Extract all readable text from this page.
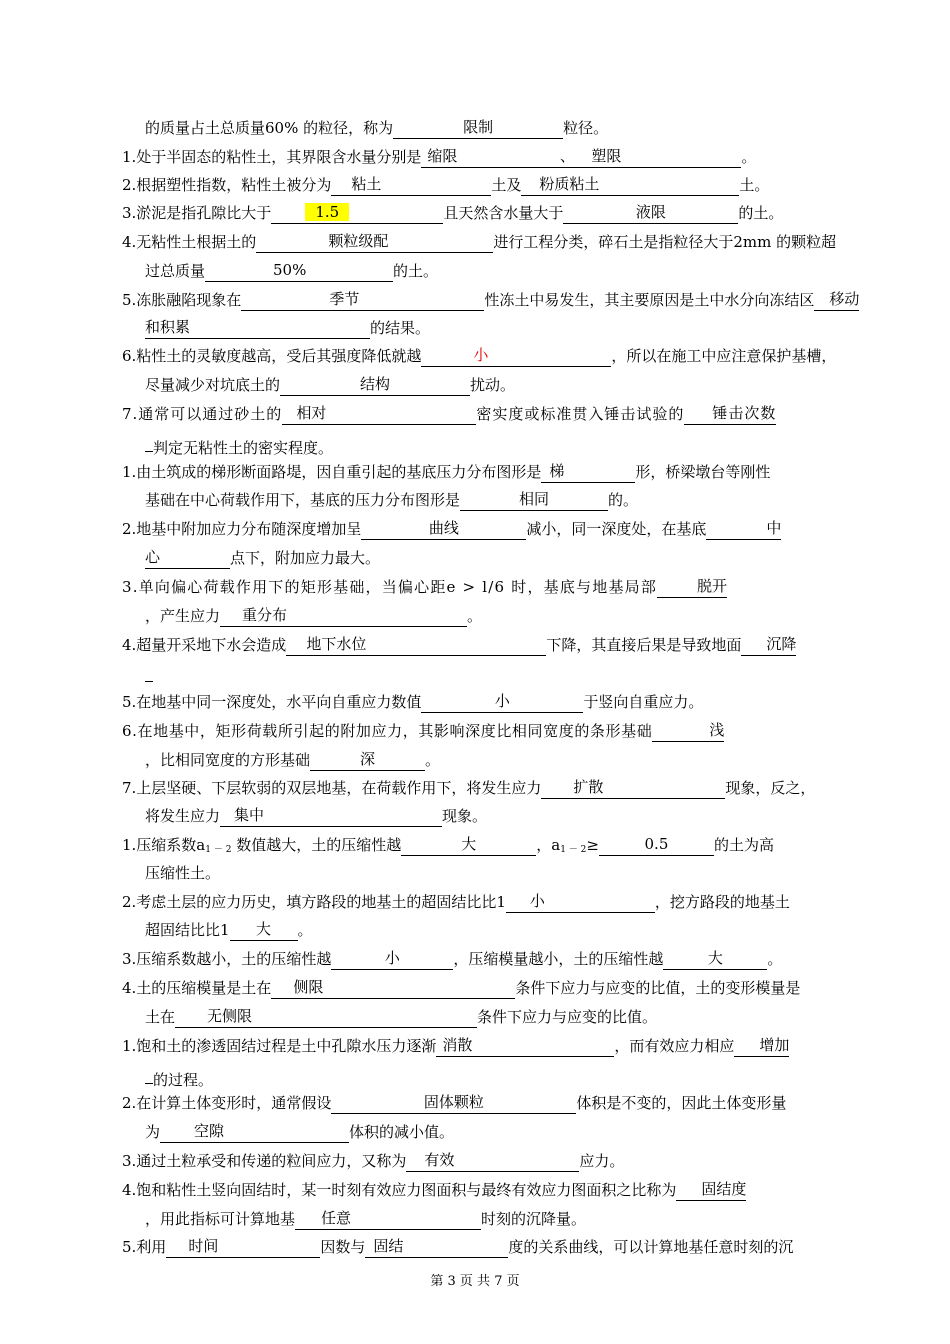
的质量占土总质量60% 的粒径，称为	限制	粒径。
1.处于半固态的粘性土，其界限含水量分别是 缩限	、 塑限	。
2.根据塑性指数，粘性土被分为 粘土	土及 粉质粘土	土。
3.淤泥是指孔隙比大于	1.5	且天然含水量大于	液限	的土。
4.无粘性土根据土的	颗粒级配	进行工程分类，碎石土是指粒径大于2mm 的颗粒超
过总质量	50%	的土。
5.冻胀融陷现象在	季节	性冻土中易发生，其主要原因是土中水分向冻结区 移动
和积累	的结果。
6.粘性土的灵敏度越高，受后其强度降低就越	小	，所以在施工中应注意保护基槽，
尽量减少对坑底土的	结构	扰动。
7.通常可以通过砂土的 相对	密实度或标准贯入锤击试验的 锤击次数
判定无粘性土的密实程度。
1.由土筑成的梯形断面路堤，因自重引起的基底压力分布图形是 梯	形，桥梁墩台等刚性
基础在中心荷载作用下，基底的压力分布图形是	相同	的。
2.地基中附加应力分布随深度增加呈	曲线	减小，同一深度处，在基底	中
心	点下，附加应力最大。
3.单向偏心荷载作用下的矩形基础，当偏心距e > l/6 时，基底与地基局部	脱开
，产生应力 重分布	。
4.超量开采地下水会造成 地下水位	下降，其直接后果是导致地面 沉降
5.在地基中同一深度处，水平向自重应力数值	小	于竖向自重应力。
6.在地基中，矩形荷载所引起的附加应力，其影响深度比相同宽度的条形基础	浅
，比相同宽度的方形基础	深	。
7.上层坚硬、下层软弱的双层地基，在荷载作用下，将发生应力 扩散	现象，反之，
将发生应力 集中	现象。
1.压缩系数$a_{1 - 2}$ 数值越大，土的压缩性越	大	，$a_{1 - 2}\ge$	0.5	的土为高
压缩性土。
2.考虑土层的应力历史，填方路段的地基土的超固结比比1 小	，挖方路段的地基土
超固结比比1 大 。
3.压缩系数越小，土的压缩性越	小	，压缩模量越小，土的压缩性越	大	。
4.土的压缩模量是土在 侧限	条件下应力与应变的比值，土的变形模量是
土在 无侧限	条件下应力与应变的比值。
1.饱和土的渗透固结过程是土中孔隙水压力逐渐 消散	，而有效应力相应 增加
的过程。
2.在计算土体变形时，通常假设	固体颗粒	体积是不变的，因此土体变形量
为 空隙	体积的减小值。
3.通过土粒承受和传递的粒间应力，又称为 有效	应力。
4.饱和粘性土竖向固结时，某一时刻有效应力图面积与最终有效应力图面积之比称为 固结度
，用此指标可计算地基 任意	时刻的沉降量。
5.利用 时间	因数与 固结	度的关系曲线，可以计算地基任意时刻的沉
第 3 页 共 7 页
